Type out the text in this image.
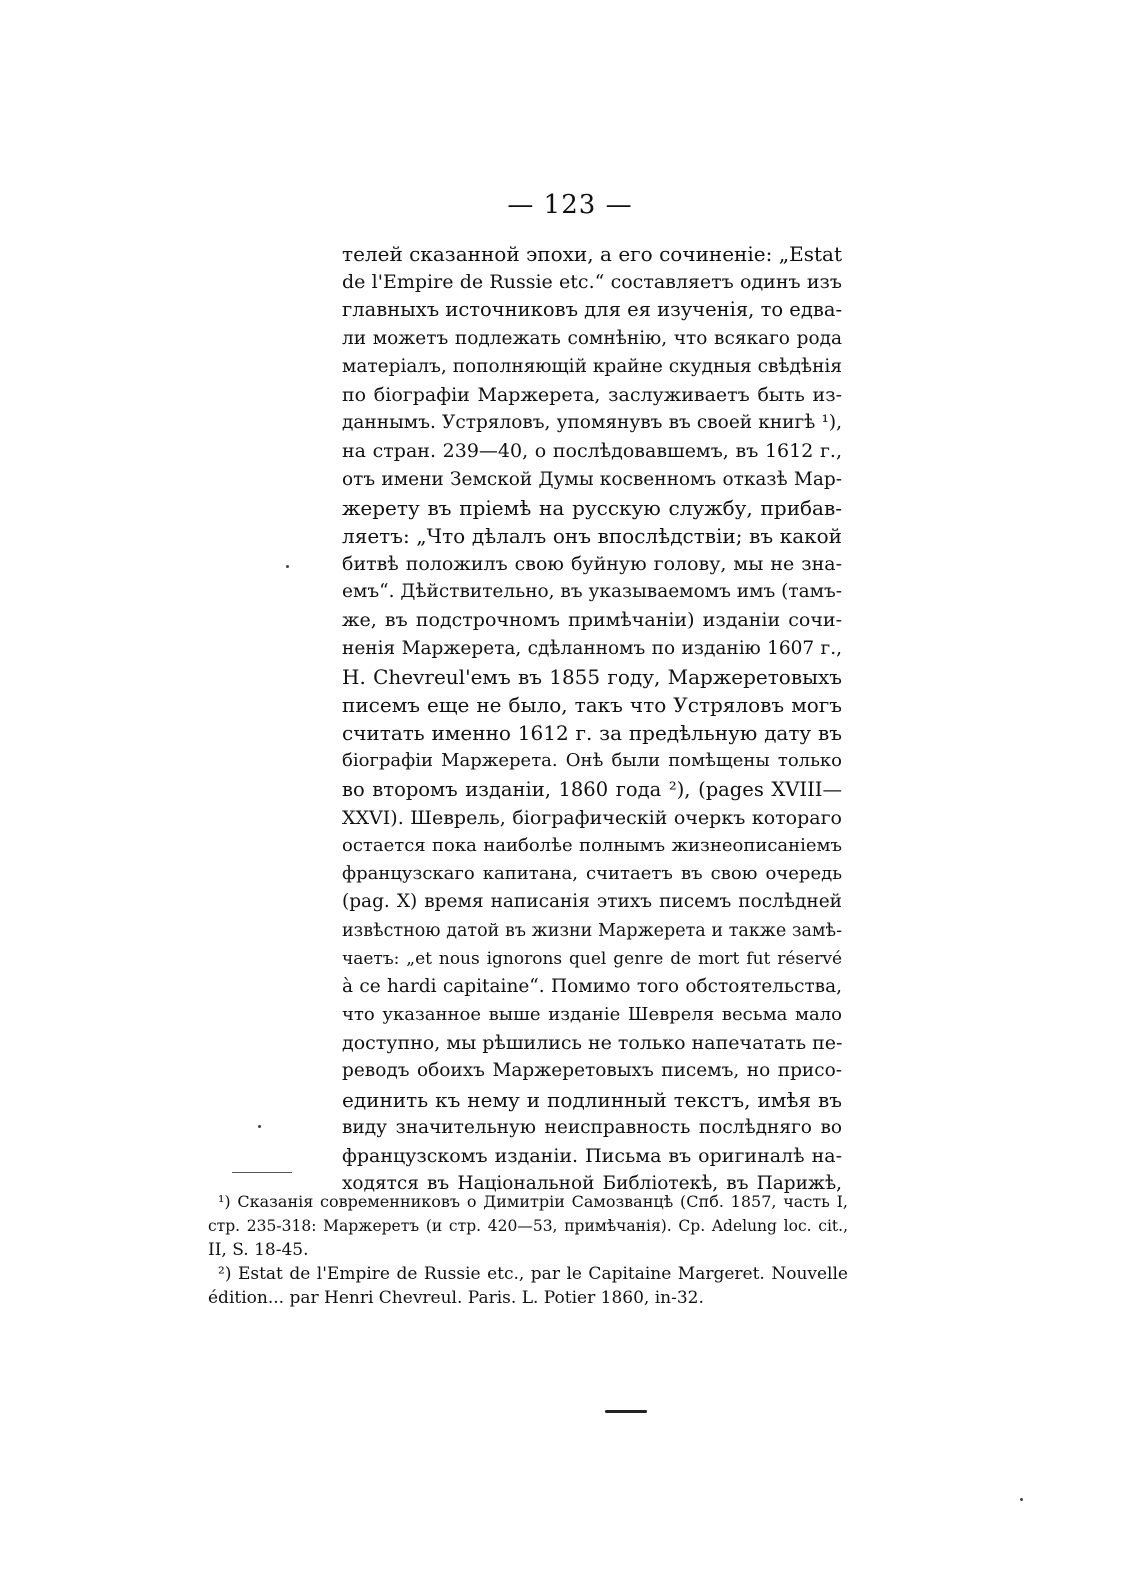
— 123 —
телей сказанной эпохи, а его сочиненіе: „Estat
de l'Empire de Russie etc.“ составляетъ одинъ изъ
главныхъ источниковъ для ея изученія, то едва-
ли можетъ подлежать сомнѣнію, что всякаго рода
матеріалъ, пополняющій крайне скудныя свѣдѣнія
по біографіи Маржерета, заслуживаетъ быть из-
даннымъ. Устряловъ, упомянувъ въ своей книгѣ ¹),
на стран. 239—40, о послѣдовавшемъ, въ 1612 г.,
отъ имени Земской Думы косвенномъ отказѣ Мар-
жерету въ пріемѣ на русскую службу, прибав-
ляетъ: „Что дѣлалъ онъ впослѣдствіи; въ какой
битвѣ положилъ свою буйную голову, мы не зна-
емъ“. Дѣйствительно, въ указываемомъ имъ (тамъ-
же, въ подстрочномъ примѣчаніи) изданіи сочи-
ненія Маржерета, сдѣланномъ по изданію 1607 г.,
H. Chevreul'емъ въ 1855 году, Маржеретовыхъ
писемъ еще не было, такъ что Устряловъ могъ
считать именно 1612 г. за предѣльную дату въ
біографіи Маржерета. Онѣ были помѣщены только
во второмъ изданіи, 1860 года ²), (pages XVIII—
XXVI). Шеврель, біографическій очеркъ котораго
остается пока наиболѣе полнымъ жизнеописаніемъ
французскаго капитана, считаетъ въ свою очередь
(pag. X) время написанія этихъ писемъ послѣдней
извѣстною датой въ жизни Маржерета и также замѣ-
чаетъ: „et nous ignorons quel genre de mort fut réservé
à ce hardi capitaine“. Помимо того обстоятельства,
что указанное выше изданіе Шевреля весьма мало
доступно, мы рѣшились не только напечатать пе-
реводъ обоихъ Маржеретовыхъ писемъ, но присо-
единить къ нему и подлинный текстъ, имѣя въ
виду значительную неисправность послѣдняго во
французскомъ изданіи. Письма въ оригиналѣ на-
ходятся въ Національной Библіотекѣ, въ Парижѣ,
¹) Сказанія современниковъ о Димитріи Самозванцѣ (Спб. 1857, часть I,
стр. 235-318: Маржеретъ (и стр. 420—53, примѣчанія). Ср. Adelung loc. cit.,
II, S. 18-45.
²) Estat de l'Empire de Russie etc., par le Capitaine Margeret. Nouvelle
édition... par Henri Chevreul. Paris. L. Potier 1860, in-32.
